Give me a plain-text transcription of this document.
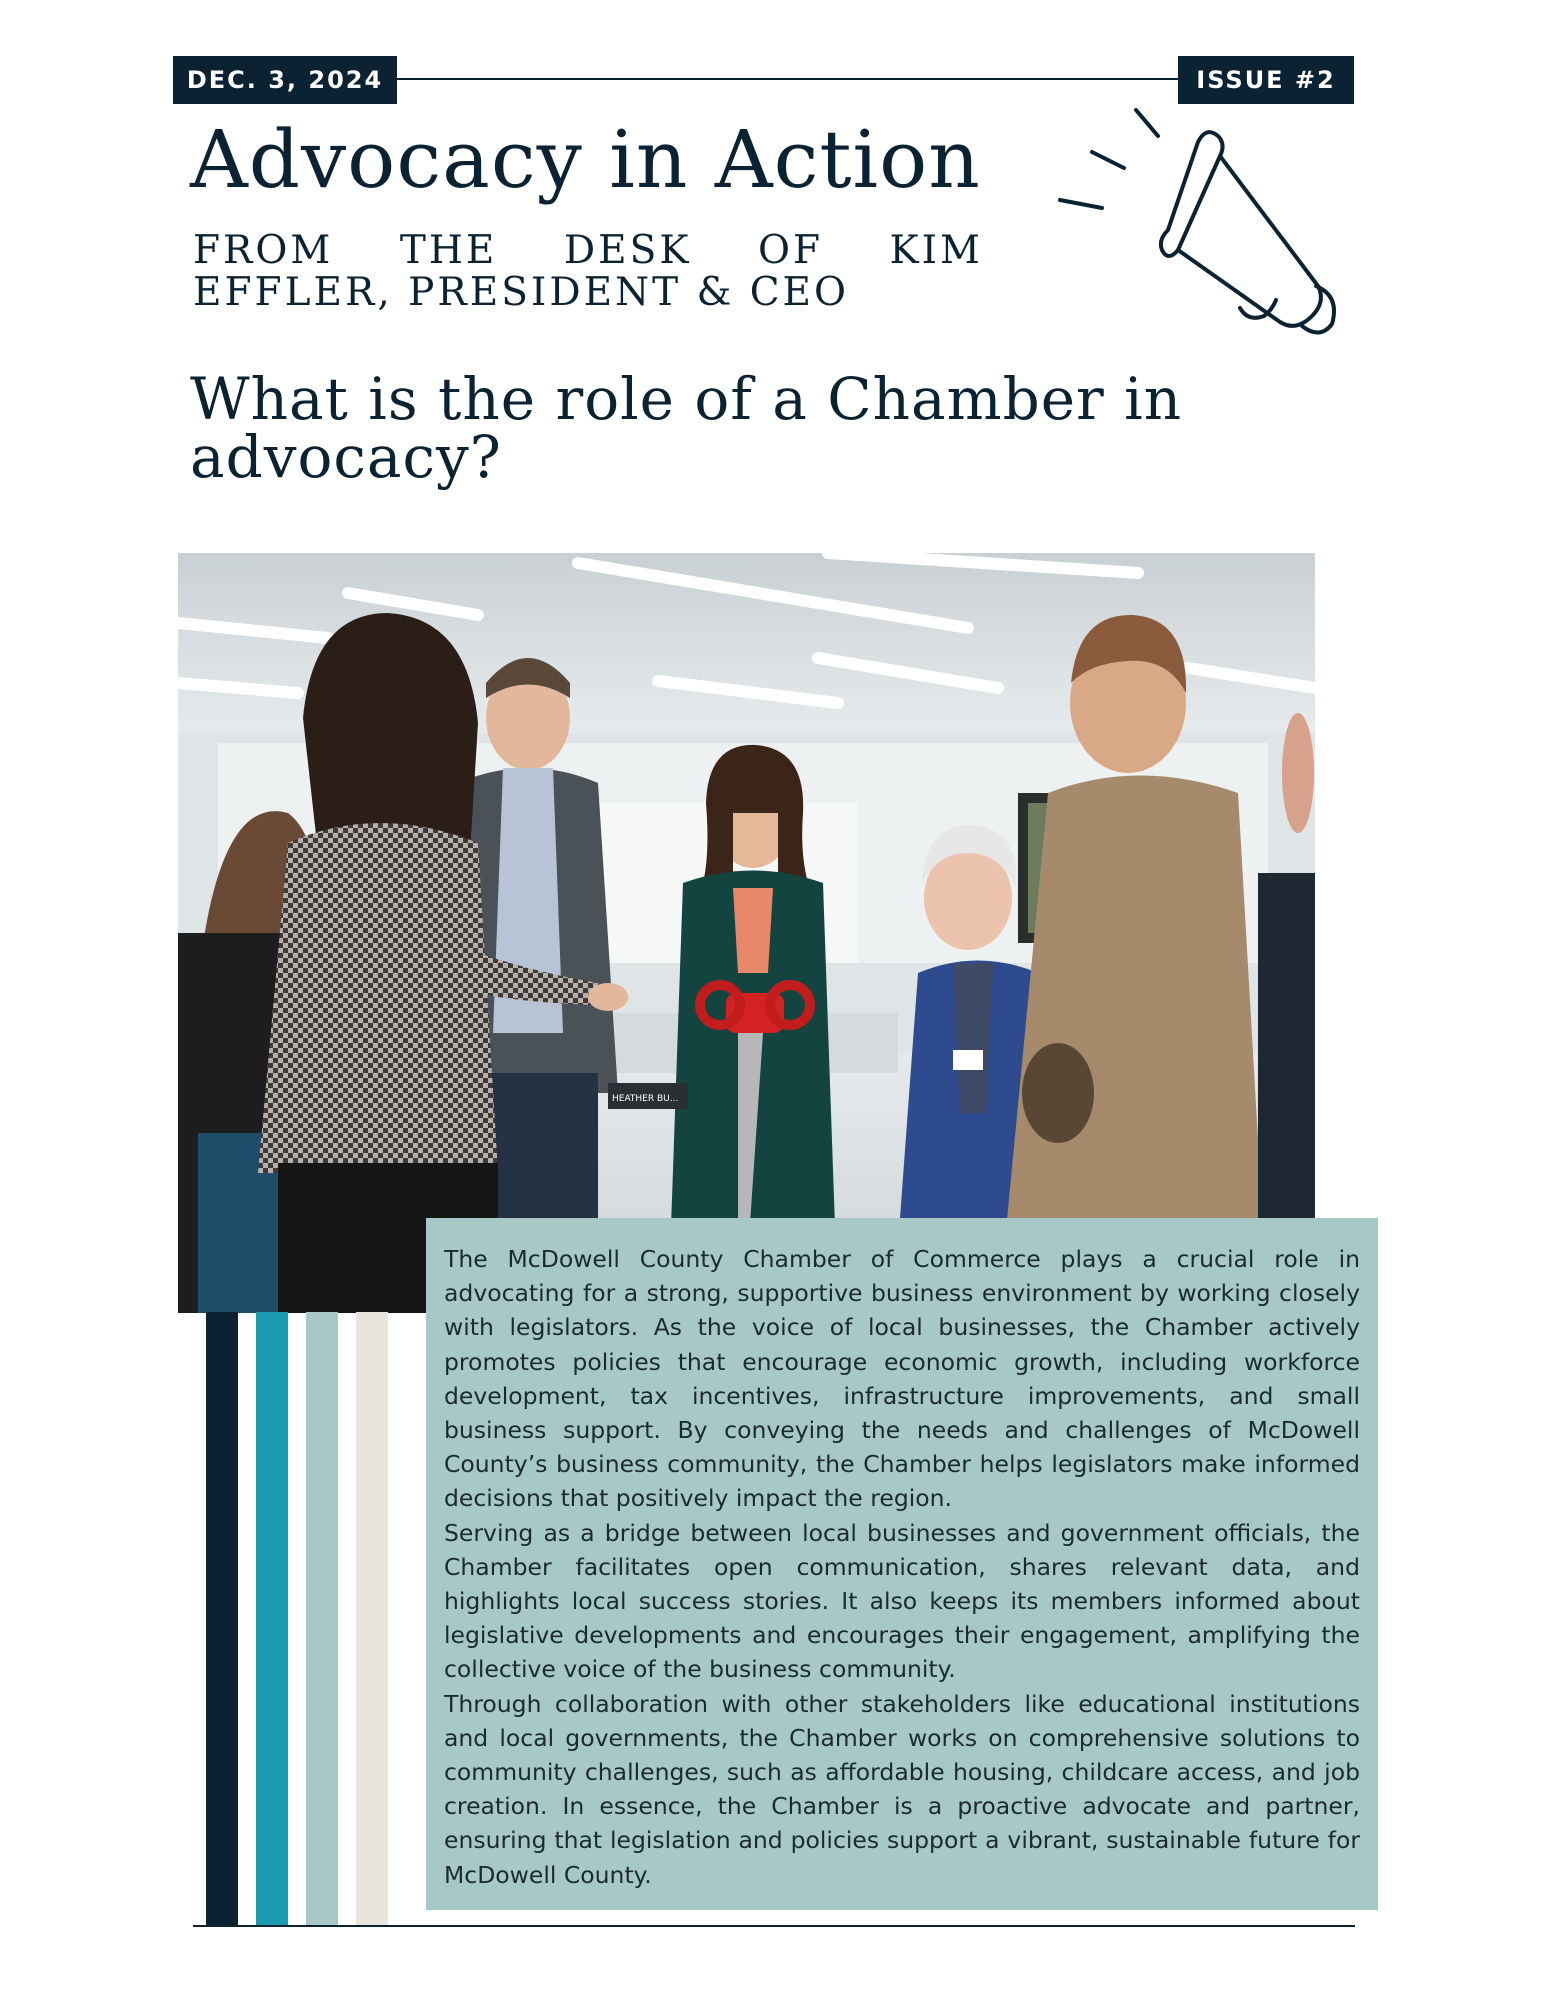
DEC. 3, 2024	ISSUE #2
Advocacy in Action
FROM THE DESK OF KIM EFFLER, PRESIDENT & CEO
What is the role of a Chamber in advocacy?
HEATHER BU...

The McDowell County Chamber of Commerce plays a crucial role in advocating for a strong, supportive business environment by working closely with legislators. As the voice of local businesses, the Chamber actively promotes policies that encourage economic growth, including workforce development, tax incentives, infrastructure improvements, and small business support. By conveying the needs and challenges of McDowell County’s business community, the Chamber helps legislators make informed decisions that positively impact the region.

Serving as a bridge between local businesses and government officials, the Chamber facilitates open communication, shares relevant data, and highlights local success stories. It also keeps its members informed about legislative developments and encourages their engagement, amplifying the collective voice of the business community.

Through collaboration with other stakeholders like educational institutions and local governments, the Chamber works on comprehensive solutions to community challenges, such as affordable housing, childcare access, and job creation. In essence, the Chamber is a proactive advocate and partner, ensuring that legislation and policies support a vibrant, sustainable future for McDowell County.
